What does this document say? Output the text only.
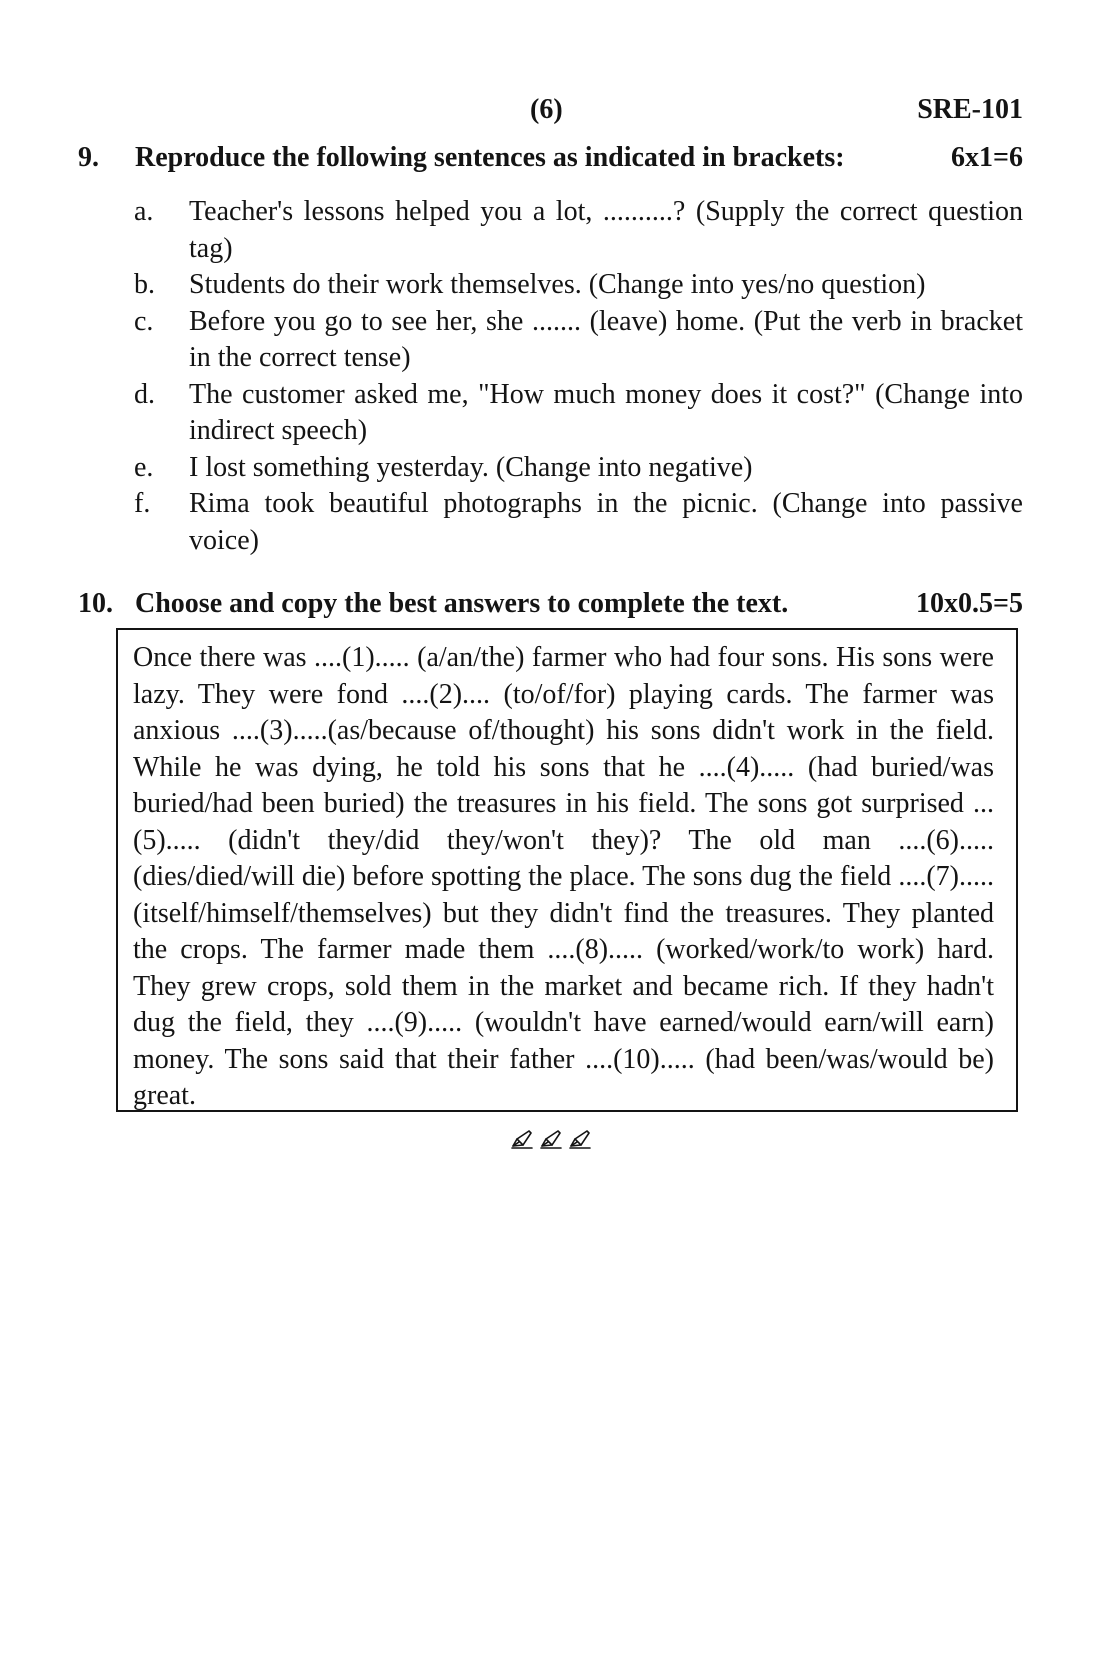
(6)	SRE-101
9. Reproduce the following sentences as indicated in brackets:	6x1=6
a. Teacher's lessons helped you a lot, ..........? (Supply the correct question tag)
b. Students do their work themselves. (Change into yes/no question)
c. Before you go to see her, she ....... (leave) home. (Put the verb in bracket in the correct tense)
d. The customer asked me, "How much money does it cost?" (Change into indirect speech)
e. I lost something yesterday. (Change into negative)
f. Rima took beautiful photographs in the picnic. (Change into passive voice)
10. Choose and copy the best answers to complete the text.	10x0.5=5

Once there was ....(1)..... (a/an/the) farmer who had four sons. His sons were lazy. They were fond ....(2).... (to/of/for) playing cards. The farmer was anxious ....(3).....(as/because of/thought) his sons didn't work in the field. While he was dying, he told his sons that he ....(4)..... (had buried/was buried/had been buried) the treasures in his field. The sons got surprised ...(5)..... (didn't they/did they/won't they)? The old man ....(6)..... (dies/died/will die) before spotting the place. The sons dug the field ....(7)..... (itself/himself/themselves) but they didn't find the treasures. They planted the crops. The farmer made them ....(8)..... (worked/work/to work) hard. They grew crops, sold them in the market and became rich. If they hadn't dug the field, they ....(9)..... (wouldn't have earned/would earn/will earn) money. The sons said that their father ....(10)..... (had been/was/would be) great.
